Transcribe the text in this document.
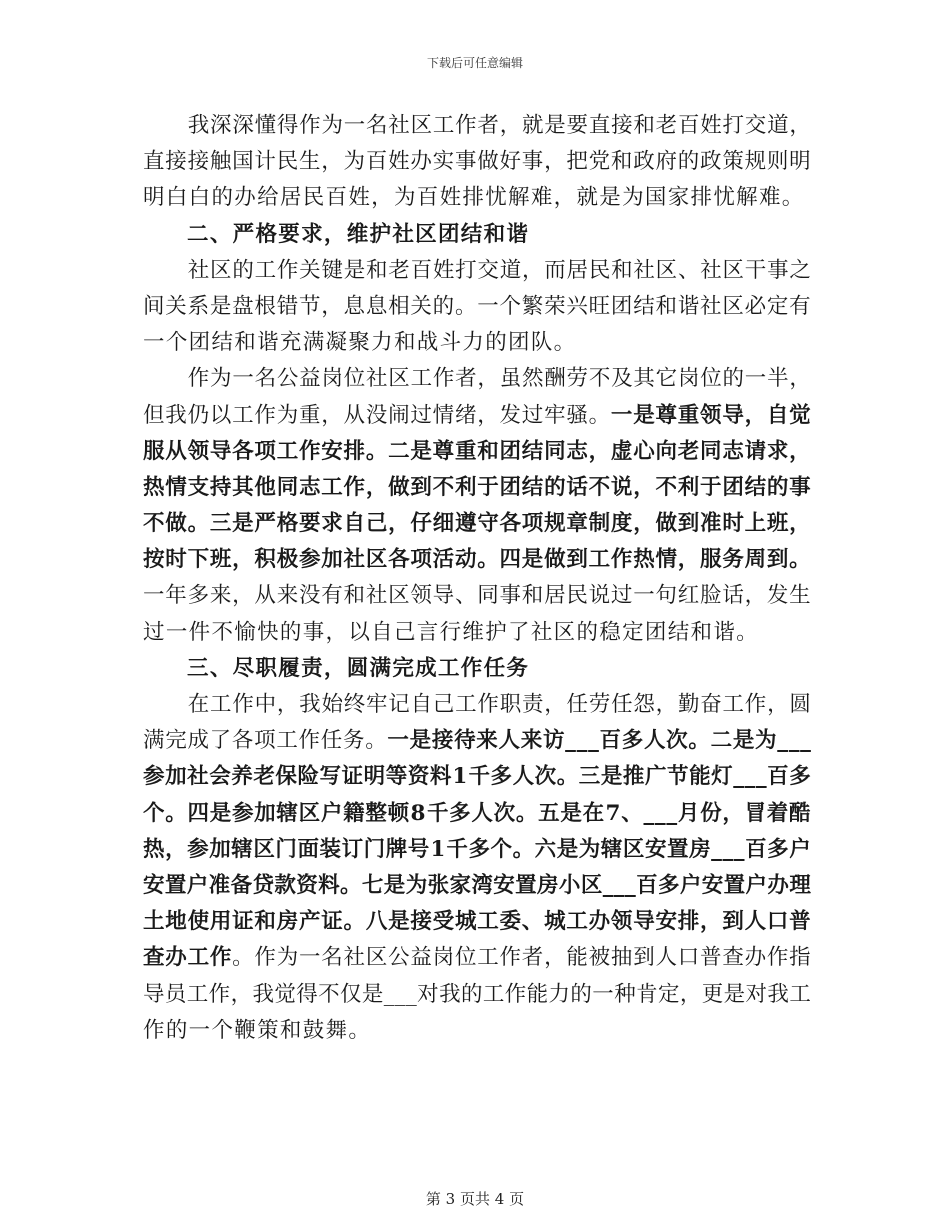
下载后可任意编辑
我 深 深 懂 得 作 为 一 名 社 区 工 作 者 ， 就 是 要 直 接 和 老 百 姓 打 交 道 ，
直 接 接 触 国 计 民 生 ， 为 百 姓 办 实 事 做 好 事 ， 把 党 和 政 府 的 政 策 规 则 明
明 白 白 的 办 给 居 民 百 姓 ， 为 百 姓 排 忧 解 难 ， 就 是 为 国 家 排 忧 解 难 。
二 、 严 格 要 求 ， 维 护 社 区 团 结 和 谐
社 区 的 工 作 关 键 是 和 老 百 姓 打 交 道 ， 而 居 民 和 社 区 、 社 区 干 事 之
间 关 系 是 盘 根 错 节 ， 息 息 相 关 的 。 一 个 繁 荣 兴 旺 团 结 和 谐 社 区 必 定 有
一 个 团 结 和 谐 充 满 凝 聚 力 和 战 斗 力 的 团 队 。
作 为 一 名 公 益 岗 位 社 区 工 作 者 ， 虽 然 酬 劳 不 及 其 它 岗 位 的 一 半 ，
但 我 仍 以 工 作 为 重 ， 从 没 闹 过 情 绪 ， 发 过 牢 骚 。 一 是 尊 重 领 导 ， 自 觉
服 从 领 导 各 项 工 作 安 排 。 二 是 尊 重 和 团 结 同 志 ， 虚 心 向 老 同 志 请 求 ，
热 情 支 持 其 他 同 志 工 作 ， 做 到 不 利 于 团 结 的 话 不 说 ， 不 利 于 团 结 的 事
不 做 。 三 是 严 格 要 求 自 己 ， 仔 细 遵 守 各 项 规 章 制 度 ， 做 到 准 时 上 班 ，
按 时 下 班 ， 积 极 参 加 社 区 各 项 活 动 。 四 是 做 到 工 作 热 情 ， 服 务 周 到 。
一 年 多 来 ， 从 来 没 有 和 社 区 领 导 、 同 事 和 居 民 说 过 一 句 红 脸 话 ， 发 生
过 一 件 不 愉 快 的 事 ， 以 自 己 言 行 维 护 了 社 区 的 稳 定 团 结 和 谐 。
三 、 尽 职 履 责 ， 圆 满 完 成 工 作 任 务
在 工 作 中 ， 我 始 终 牢 记 自 己 工 作 职 责 ， 任 劳 任 怨 ， 勤 奋 工 作 ， 圆
满 完 成 了 各 项 工 作 任 务 。 一 是 接 待 来 人 来 访 _ _ _ 百 多 人 次 。 二 是 为 _ _ _
参 加 社 会 养 老 保 险 写 证 明 等 资 料 1 千 多 人 次 。 三 是 推 广 节 能 灯 _ _ _ 百 多
个 。 四 是 参 加 辖 区 户 籍 整 顿 8 千 多 人 次 。 五 是 在 7 、 _ _ _ 月 份 ， 冒 着 酷
热 ， 参 加 辖 区 门 面 装 订 门 牌 号 1 千 多 个 。 六 是 为 辖 区 安 置 房 _ _ _ 百 多 户
安 置 户 准 备 贷 款 资 料 。 七 是 为 张 家 湾 安 置 房 小 区 _ _ _ 百 多 户 安 置 户 办 理
土 地 使 用 证 和 房 产 证 。 八 是 接 受 城 工 委 、 城 工 办 领 导 安 排 ， 到 人 口 普
查 办 工 作 。 作 为 一 名 社 区 公 益 岗 位 工 作 者 ， 能 被 抽 到 人 口 普 查 办 作 指
导 员 工 作 ， 我 觉 得 不 仅 是 _ _ _ 对 我 的 工 作 能 力 的 一 种 肯 定 ， 更 是 对 我 工
作 的 一 个 鞭 策 和 鼓 舞 。
第 3 页共 4 页
